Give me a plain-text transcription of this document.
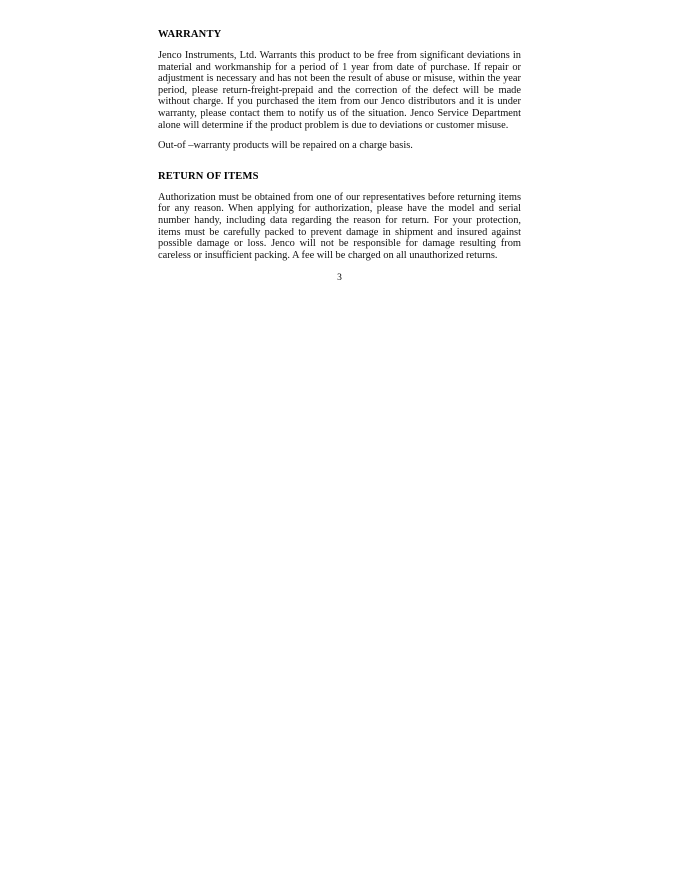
WARRANTY

Jenco Instruments, Ltd. Warrants this product to be free from significant deviations in material and workmanship for a period of 1 year from date of purchase. If repair or adjustment is necessary and has not been the result of abuse or misuse, within the year period, please return-freight-prepaid and the correction of the defect will be made without charge. If you purchased the item from our Jenco distributors and it is under warranty, please contact them to notify us of the situation. Jenco Service Department alone will determine if the product problem is due to deviations or customer misuse.

Out-of –warranty products will be repaired on a charge basis.

RETURN OF ITEMS

Authorization must be obtained from one of our representatives before returning items for any reason. When applying for authorization, please have the model and serial number handy, including data regarding the reason for return. For your protection, items must be carefully packed to prevent damage in shipment and insured against possible damage or loss. Jenco will not be responsible for damage resulting from careless or insufficient packing. A fee will be charged on all unauthorized returns.

3
